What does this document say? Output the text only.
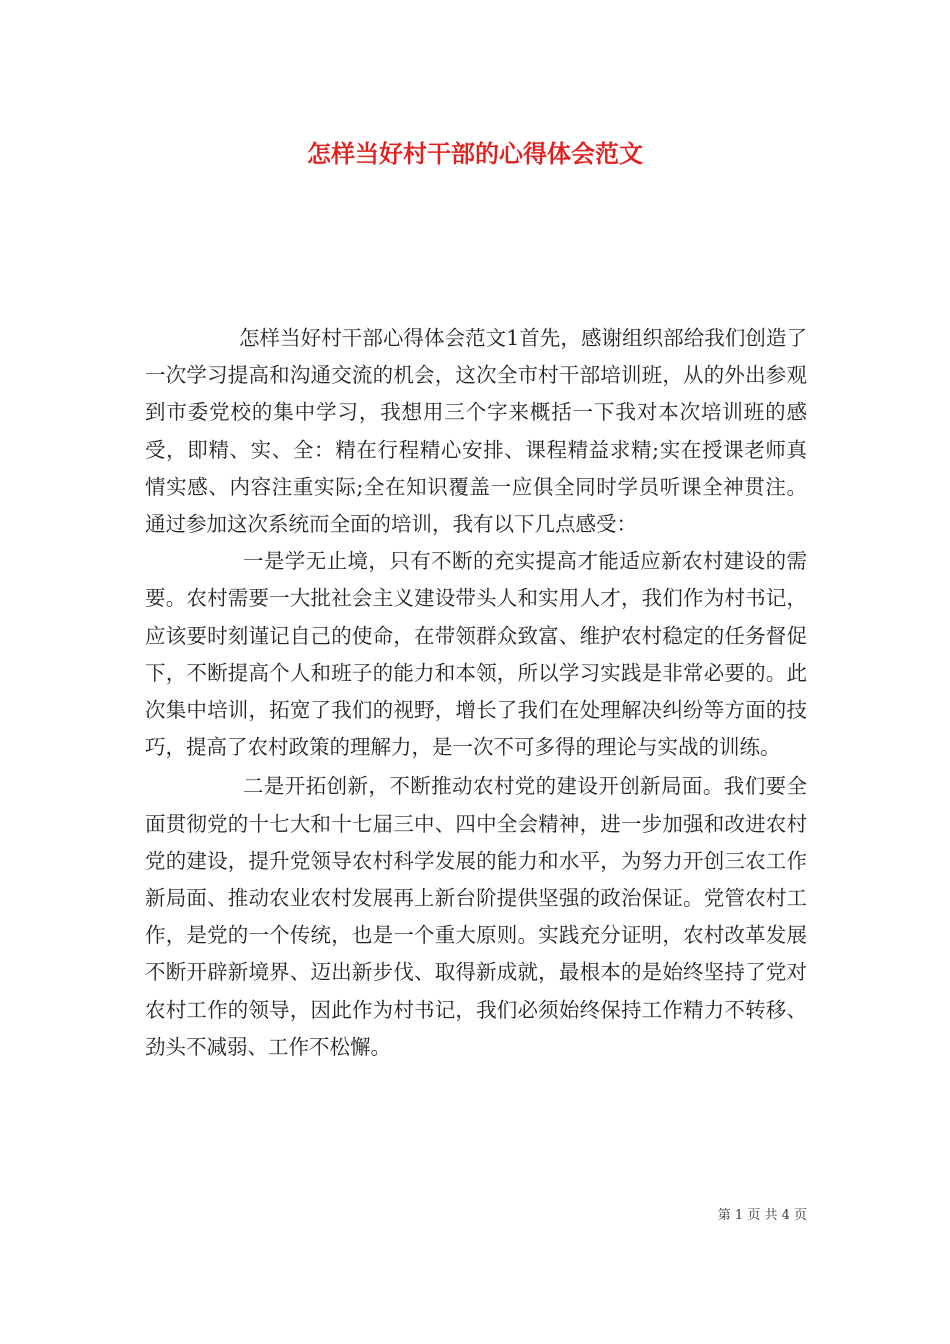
怎样当好村干部的心得体会范文

怎样当好村干部心得体会范文1首先，感谢组织部给我们创造了一次学习提高和沟通交流的机会，这次全市村干部培训班，从的外出参观到市委党校的集中学习，我想用三个字来概括一下我对本次培训班的感受，即精、实、全：精在行程精心安排、课程精益求精;实在授课老师真情实感、内容注重实际;全在知识覆盖一应俱全同时学员听课全神贯注。通过参加这次系统而全面的培训，我有以下几点感受：

一是学无止境，只有不断的充实提高才能适应新农村建设的需要。农村需要一大批社会主义建设带头人和实用人才，我们作为村书记，应该要时刻谨记自己的使命，在带领群众致富、维护农村稳定的任务督促下，不断提高个人和班子的能力和本领，所以学习实践是非常必要的。此次集中培训，拓宽了我们的视野，增长了我们在处理解决纠纷等方面的技巧，提高了农村政策的理解力，是一次不可多得的理论与实战的训练。

二是开拓创新，不断推动农村党的建设开创新局面。我们要全面贯彻党的十七大和十七届三中、四中全会精神，进一步加强和改进农村党的建设，提升党领导农村科学发展的能力和水平，为努力开创三农工作新局面、推动农业农村发展再上新台阶提供坚强的政治保证。党管农村工作，是党的一个传统，也是一个重大原则。实践充分证明，农村改革发展不断开辟新境界、迈出新步伐、取得新成就，最根本的是始终坚持了党对农村工作的领导，因此作为村书记，我们必须始终保持工作精力不转移、劲头不减弱、工作不松懈。

第 1 页 共 4 页
